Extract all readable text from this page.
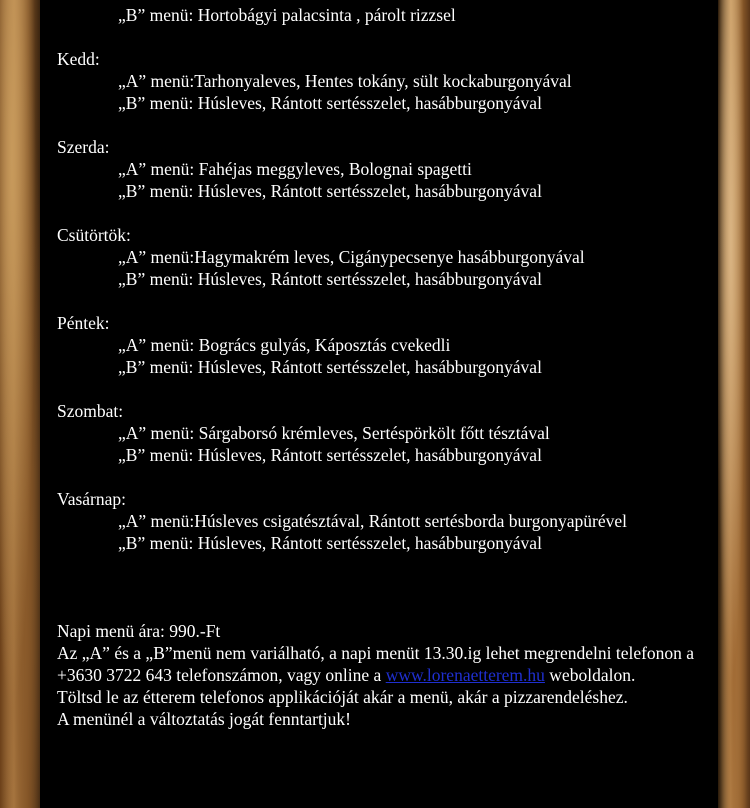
„B” menü: Hortobágyi palacsinta , párolt rizzsel
Kedd:
„A” menü:Tarhonyaleves, Hentes tokány, sült kockaburgonyával
„B” menü: Húsleves, Rántott sertésszelet, hasábburgonyával
Szerda:
„A” menü: Fahéjas meggyleves, Bolognai spagetti
„B” menü: Húsleves, Rántott sertésszelet, hasábburgonyával
Csütörtök:
„A” menü:Hagymakrém leves, Cigánypecsenye hasábburgonyával
„B” menü: Húsleves, Rántott sertésszelet, hasábburgonyával
Péntek:
„A” menü: Bogrács gulyás, Káposztás cvekedli
„B” menü: Húsleves, Rántott sertésszelet, hasábburgonyával
Szombat:
„A” menü: Sárgaborsó krémleves, Sertéspörkölt főtt tésztával
„B” menü: Húsleves, Rántott sertésszelet, hasábburgonyával
Vasárnap:
„A” menü:Húsleves csigatésztával, Rántott sertésborda burgonyapürével
„B” menü: Húsleves, Rántott sertésszelet, hasábburgonyával
Napi menü ára: 990.-Ft
Az „A” és a „B”menü nem variálható, a napi menüt 13.30.ig lehet megrendelni telefonon a +3630 3722 643 telefonszámon, vagy online a www.lorenaetterem.hu weboldalon.
Töltsd le az étterem telefonos applikációját akár a menü, akár a pizzarendeléshez.
A menünél a változtatás jogát fenntartjuk!
